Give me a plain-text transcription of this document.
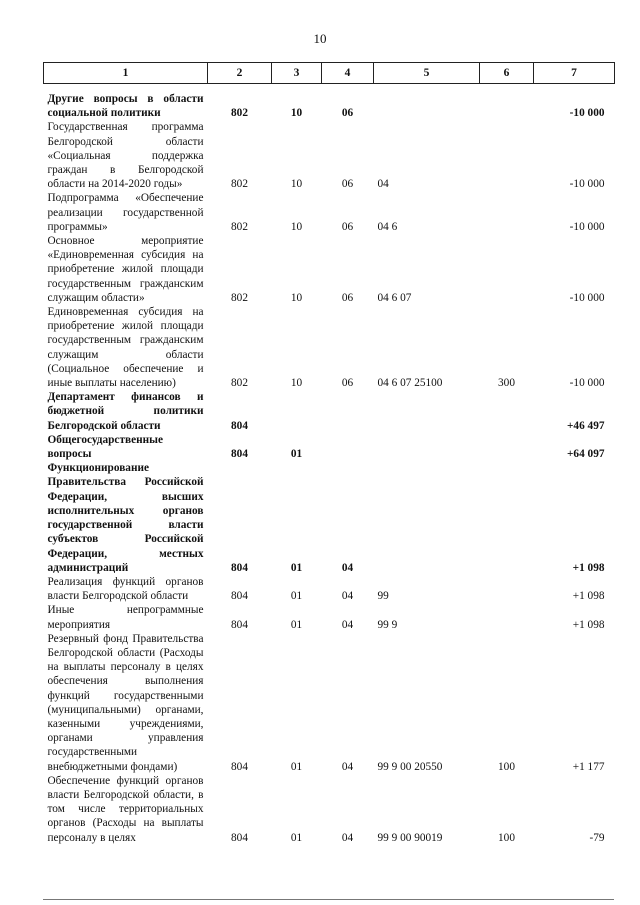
10
1	2	3	4	5	6	7
Другие вопросы в области социальной политики	802	10	06			-10 000
Государственная программа Белгородской области «Социальная поддержка граждан в Белгородской области на 2014-2020 годы»	802	10	06	04		-10 000
Подпрограмма «Обеспечение реализации государственной программы»	802	10	06	04 6		-10 000
Основное мероприятие «Единовременная субсидия на приобретение жилой площади государственным гражданским служащим области»	802	10	06	04 6 07		-10 000
Единовременная субсидия на приобретение жилой площади государственным гражданским служащим области (Социальное обеспечение и иные выплаты населению)	802	10	06	04 6 07 25100	300	-10 000
Департамент финансов и бюджетной политики Белгородской области	804					+46 497
Общегосударственные вопросы	804	01				+64 097
Функционирование Правительства Российской Федерации, высших исполнительных органов государственной власти субъектов Российской Федерации, местных администраций	804	01	04			+1 098
Реализация функций органов власти Белгородской области	804	01	04	99		+1 098
Иные непрограммные мероприятия	804	01	04	99 9		+1 098
Резервный фонд Правительства Белгородской области (Расходы на выплаты персоналу в целях обеспечения выполнения функций государственными (муниципальными) органами, казенными учреждениями, органами управления государственными внебюджетными фондами)	804	01	04	99 9 00 20550	100	+1 177
Обеспечение функций органов власти Белгородской области, в том числе территориальных органов (Расходы на выплаты персоналу в целях	804	01	04	99 9 00 90019	100	-79
